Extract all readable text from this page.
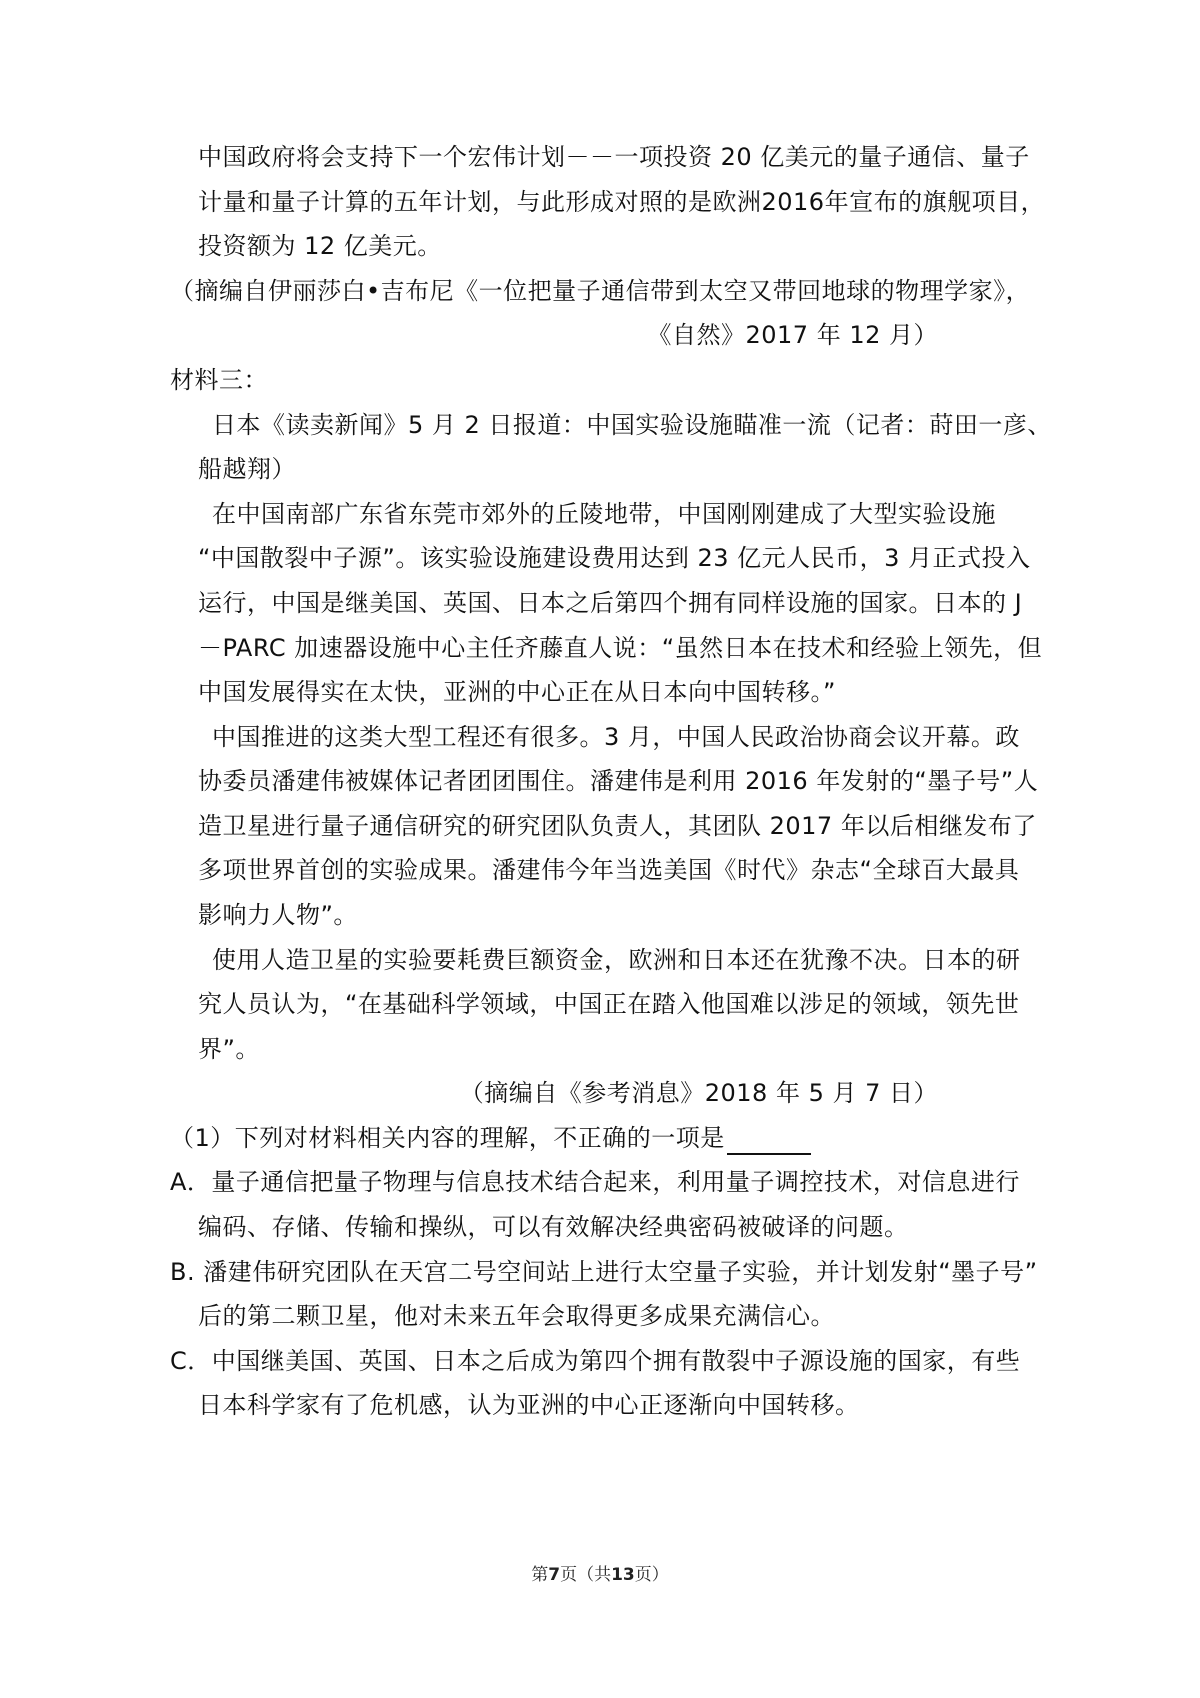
中国政府将会支持下一个宏伟计划－－一项投资 20 亿美元的量子通信、量子
计量和量子计算的五年计划，与此形成对照的是欧洲2016年宣布的旗舰项目，
投资额为 12 亿美元。
（摘编自伊丽莎白•吉布尼《一位把量子通信带到太空又带回地球的物理学家》，
《自然》2017 年 12 月）
材料三：
日本《读卖新闻》5 月 2 日报道：中国实验设施瞄准一流（记者：莳田一彦、
船越翔）
在中国南部广东省东莞市郊外的丘陵地带，中国刚刚建成了大型实验设施
“中国散裂中子源”。该实验设施建设费用达到 23 亿元人民币，3 月正式投入
运行，中国是继美国、英国、日本之后第四个拥有同样设施的国家。日本的 J
－PARC 加速器设施中心主任齐藤直人说：“虽然日本在技术和经验上领先，但
中国发展得实在太快，亚洲的中心正在从日本向中国转移。”
中国推进的这类大型工程还有很多。3 月，中国人民政治协商会议开幕。政
协委员潘建伟被媒体记者团团围住。潘建伟是利用 2016 年发射的“墨子号”人
造卫星进行量子通信研究的研究团队负责人，其团队 2017 年以后相继发布了
多项世界首创的实验成果。潘建伟今年当选美国《时代》杂志“全球百大最具
影响力人物”。
使用人造卫星的实验要耗费巨额资金，欧洲和日本还在犹豫不决。日本的研
究人员认为，“在基础科学领域，中国正在踏入他国难以涉足的领域，领先世
界”。
（摘编自《参考消息》2018 年 5 月 7 日）
（1）下列对材料相关内容的理解，不正确的一项是
A．量子通信把量子物理与信息技术结合起来，利用量子调控技术，对信息进行
编码、存储、传输和操纵，可以有效解决经典密码被破译的问题。
B. 潘建伟研究团队在天宫二号空间站上进行太空量子实验，并计划发射“墨子号”
后的第二颗卫星，他对未来五年会取得更多成果充满信心。
C．中国继美国、英国、日本之后成为第四个拥有散裂中子源设施的国家，有些
日本科学家有了危机感，认为亚洲的中心正逐渐向中国转移。
第7页（共13页）
